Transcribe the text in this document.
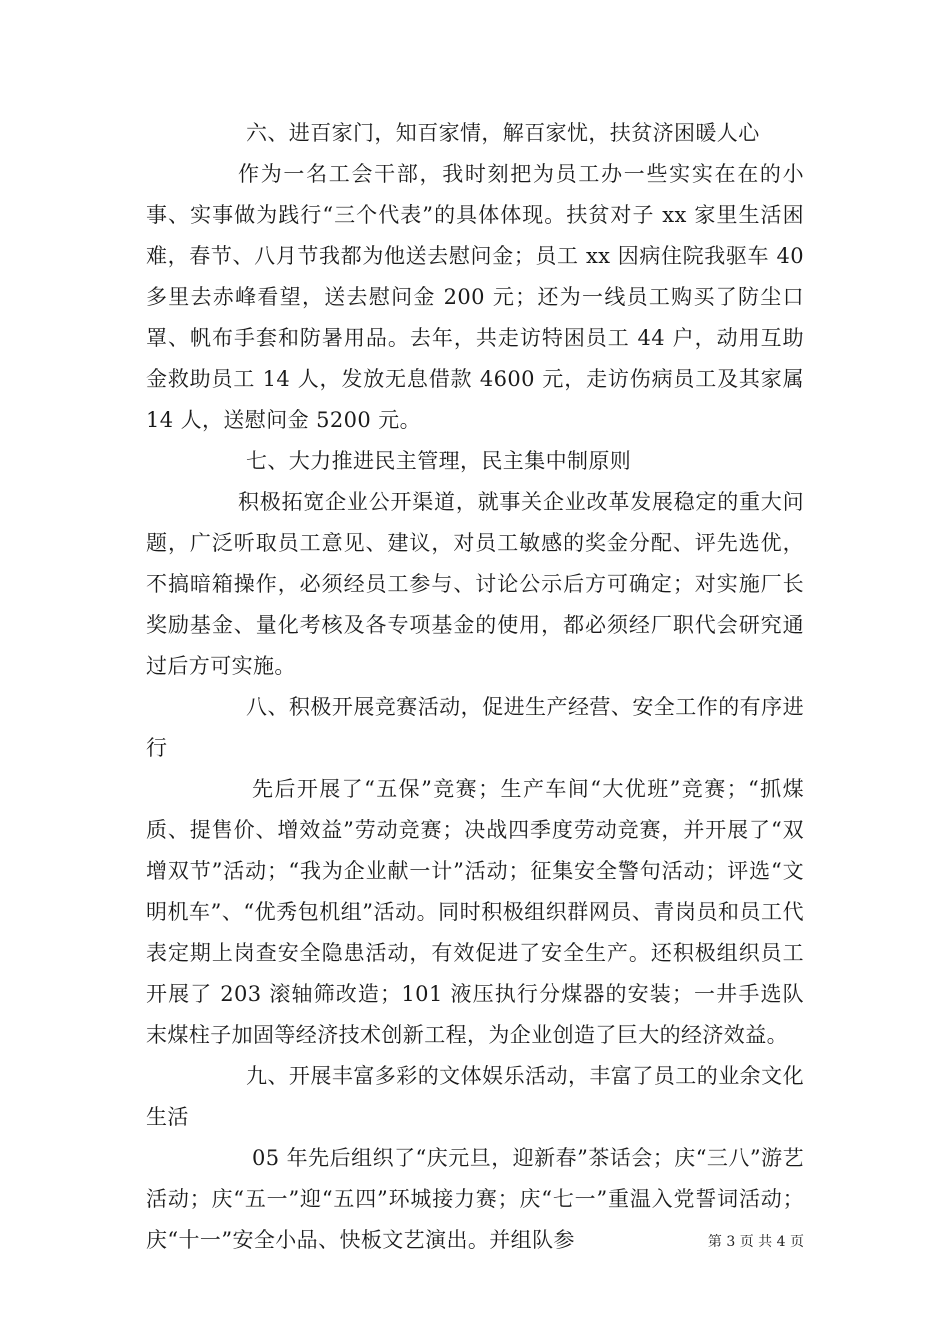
六、进百家门，知百家情，解百家忧，扶贫济困暖人心

作为一名工会干部，我时刻把为员工办一些实实在在的小事、实事做为践行“三个代表”的具体体现。扶贫对子 xx 家里生活困难，春节、八月节我都为他送去慰问金；员工 xx 因病住院我驱车 40 多里去赤峰看望，送去慰问金 200 元；还为一线员工购买了防尘口罩、帆布手套和防暑用品。去年，共走访特困员工 44 户，动用互助金救助员工 14 人，发放无息借款 4600 元，走访伤病员工及其家属 14 人，送慰问金 5200 元。

七、大力推进民主管理，民主集中制原则

积极拓宽企业公开渠道，就事关企业改革发展稳定的重大问题，广泛听取员工意见、建议，对员工敏感的奖金分配、评先选优，不搞暗箱操作，必须经员工参与、讨论公示后方可确定；对实施厂长奖励基金、量化考核及各专项基金的使用，都必须经厂职代会研究通过后方可实施。

八、积极开展竞赛活动，促进生产经营、安全工作的有序进行

先后开展了“五保”竞赛；生产车间“大优班”竞赛；“抓煤质、提售价、增效益”劳动竞赛；决战四季度劳动竞赛，并开展了“双增双节”活动；“我为企业献一计”活动；征集安全警句活动；评选“文明机车”、“优秀包机组”活动。同时积极组织群网员、青岗员和员工代表定期上岗查安全隐患活动，有效促进了安全生产。还积极组织员工开展了 203 滚轴筛改造；101 液压执行分煤器的安装；一井手选队末煤柱子加固等经济技术创新工程，为企业创造了巨大的经济效益。

九、开展丰富多彩的文体娱乐活动，丰富了员工的业余文化生活

05 年先后组织了“庆元旦，迎新春”茶话会；庆“三八”游艺活动；庆“五一”迎“五四”环城接力赛；庆“七一”重温入党誓词活动；庆“十一”安全小品、快板文艺演出。并组队参	第 3 页 共 4 页
